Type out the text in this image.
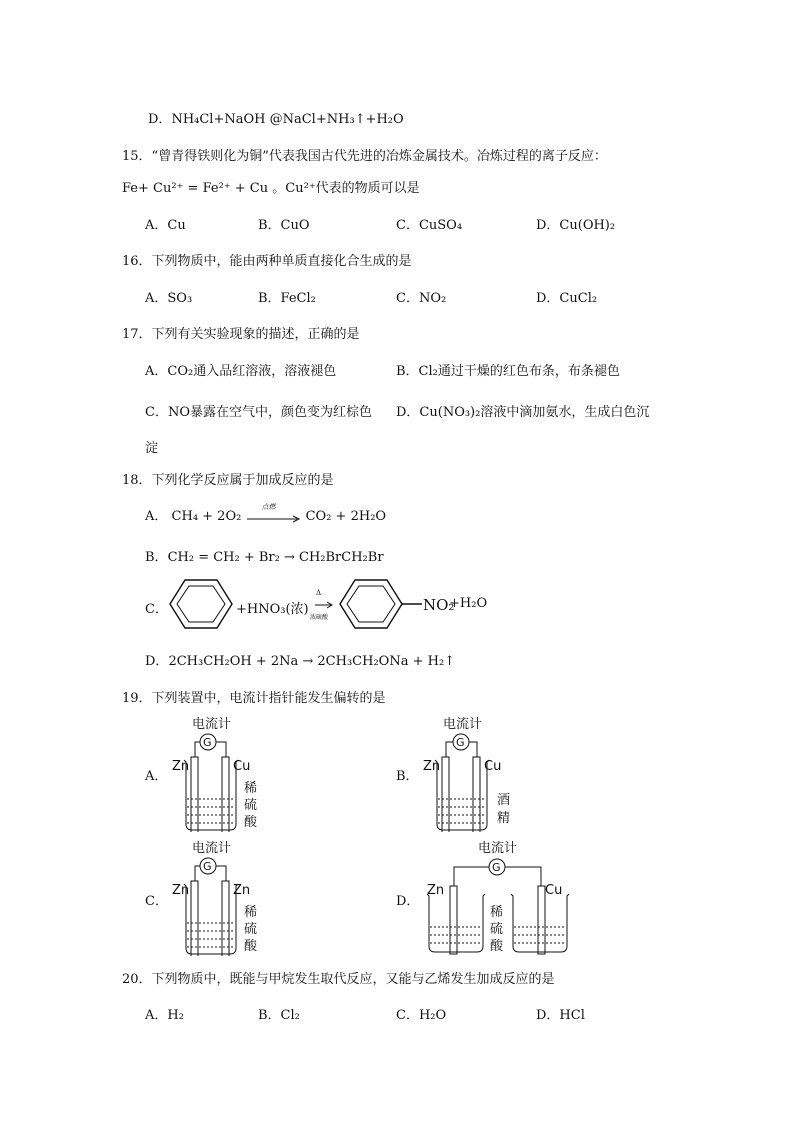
D．NH₄Cl+NaOH @NaCl+NH₃↑+H₂O
15．“曾青得铁则化为铜”代表我国古代先进的冶炼金属技术。冶炼过程的离子反应：
Fe+ Cu²⁺ = Fe²⁺ + Cu 。Cu²⁺代表的物质可以是
A．Cu	B．CuO	C．CuSO₄	D．Cu(OH)₂
16．下列物质中，能由两种单质直接化合生成的是
A．SO₃	B．FeCl₂	C．NO₂	D．CuCl₂
17．下列有关实验现象的描述，正确的是
A．CO₂通入品红溶液，溶液褪色	B．Cl₂通过干燥的红色布条，布条褪色
C．NO暴露在空气中，颜色变为红棕色 D．Cu(NO₃)₂溶液中滴加氨水，生成白色沉
淀
18．下列化学反应属于加成反应的是
A． CH₄ + 2O₂
点燃
CO₂ + 2H₂O
B．CH₂ = CH₂ + Br₂ → CH₂BrCH₂Br
C．	+HNO₃(浓)
Δ
浓硫酸
NO₂
+H₂O
D．2CH₃CH₂OH + 2Na → 2CH₃CH₂ONa + H₂↑
19．下列装置中，电流计指针能发生偏转的是
A．
电流计
G
Zn	Cu
稀
硫
酸
B．
电流计
G
Zn	Cu
酒
精
C．
电流计
G
Zn	Zn
稀
硫
酸
D．
电流计
G
Zn	Cu
稀
硫
酸
20．下列物质中，既能与甲烷发生取代反应，又能与乙烯发生加成反应的是
A．H₂	B．Cl₂	C．H₂O	D．HCl
